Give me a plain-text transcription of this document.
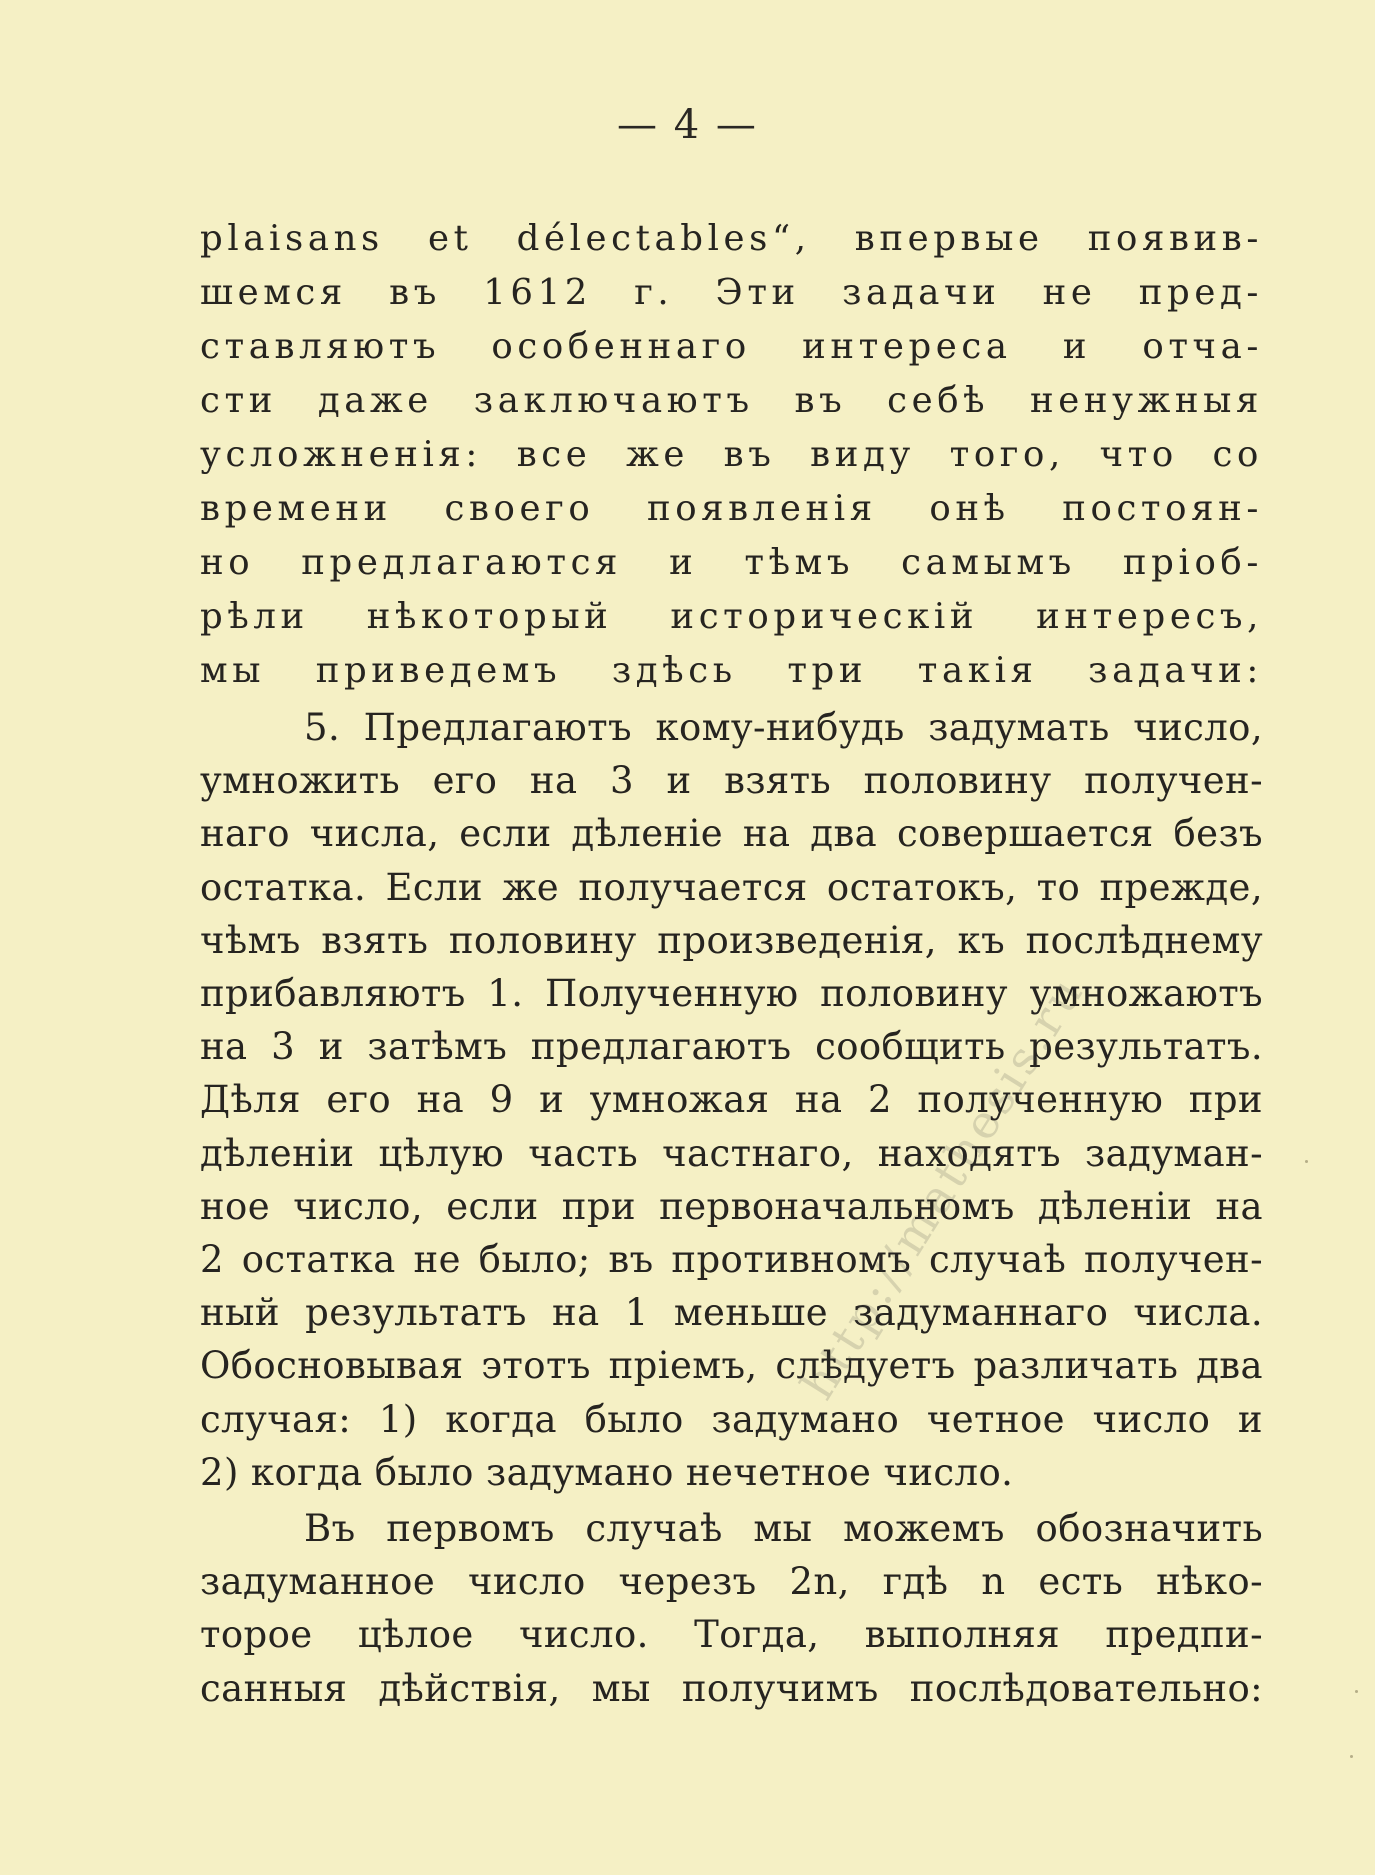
— 4 —
plaisans et délectables“, впервые появив-
шемся въ 1612 г. Эти задачи не пред-
ставляютъ особеннаго интереса и отча-
сти даже заключаютъ въ себѣ ненужныя
усложненія: все же въ виду того, что со
времени своего появленія онѣ постоян-
но предлагаются и тѣмъ самымъ пріоб-
рѣли нѣкоторый историческій интересъ,
мы приведемъ здѣсь три такія задачи:
5. Предлагаютъ кому-нибудь задумать число,
умножить его на 3 и взять половину получен-
наго числа, если дѣленіе на два совершается безъ
остатка. Если же получается остатокъ, то прежде,
чѣмъ взять половину произведенія, къ послѣднему
прибавляютъ 1. Полученную половину умножаютъ
на 3 и затѣмъ предлагаютъ сообщить результатъ.
Дѣля его на 9 и умножая на 2 полученную при
дѣленіи цѣлую часть частнаго, находятъ задуман-
ное число, если при первоначальномъ дѣленіи на
2 остатка не было; въ противномъ случаѣ получен-
ный результатъ на 1 меньше задуманнаго числа.
Обосновывая этотъ пріемъ, слѣдуетъ различать два
случая: 1) когда было задумано четное число и
2) когда было задумано нечетное число.
Въ первомъ случаѣ мы можемъ обозначить
задуманное число черезъ 2n, гдѣ n есть нѣко-
торое цѣлое число. Тогда, выполняя предпи-
санныя дѣйствія, мы получимъ послѣдовательно:
http://mathesis.ru
